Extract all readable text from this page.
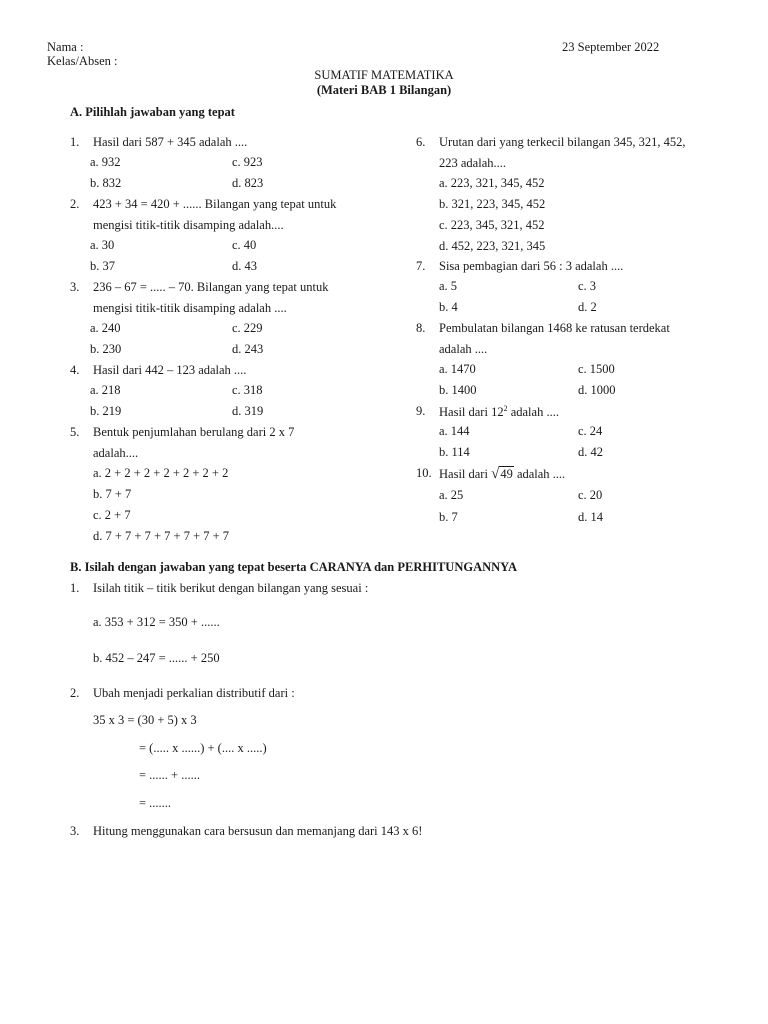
Nama :
Kelas/Absen :
23 September 2022
SUMATIF MATEMATIKA
(Materi BAB 1 Bilangan)
A. Pilihlah jawaban yang tepat
1. Hasil dari 587 + 345 adalah ....
a. 932	c. 923
b. 832	d. 823
2. 423 + 34 = 420 + ...... Bilangan yang tepat untuk
mengisi titik-titik disamping adalah....
a. 30	c. 40
b. 37	d. 43
3. 236 – 67 = ..... – 70. Bilangan yang tepat untuk
mengisi titik-titik disamping adalah ....
a. 240	c. 229
b. 230	d. 243
4. Hasil dari 442 – 123 adalah ....
a. 218	c. 318
b. 219	d. 319
5. Bentuk penjumlahan berulang dari 2 x 7
adalah....
a. 2 + 2 + 2 + 2 + 2 + 2 + 2
b. 7 + 7
c. 2 + 7
d. 7 + 7 + 7 + 7 + 7 + 7 + 7
6. Urutan dari yang terkecil bilangan 345, 321, 452,
223 adalah....
a. 223, 321, 345, 452
b. 321, 223, 345, 452
c. 223, 345, 321, 452
d. 452, 223, 321, 345
7. Sisa pembagian dari 56 : 3 adalah ....
a. 5	c. 3
b. 4	d. 2
8. Pembulatan bilangan 1468 ke ratusan terdekat
adalah ....
a. 1470	c. 1500
b. 1400	d. 1000
9. Hasil dari $12^2$ adalah ....
a. 144	c. 24
b. 114	d. 42
10. Hasil dari √49 adalah ....
a. 25	c. 20
b. 7	d. 14
B. Isilah dengan jawaban yang tepat beserta CARANYA dan PERHITUNGANNYA
1. Isilah titik – titik berikut dengan bilangan yang sesuai :
a. 353 + 312 = 350 + ......
b. 452 – 247 = ...... + 250
2. Ubah menjadi perkalian distributif dari :
35 x 3 = (30 + 5) x 3
= (..... x ......) + (.... x .....)
= ...... + ......
= .......
3. Hitung menggunakan cara bersusun dan memanjang dari 143 x 6!
